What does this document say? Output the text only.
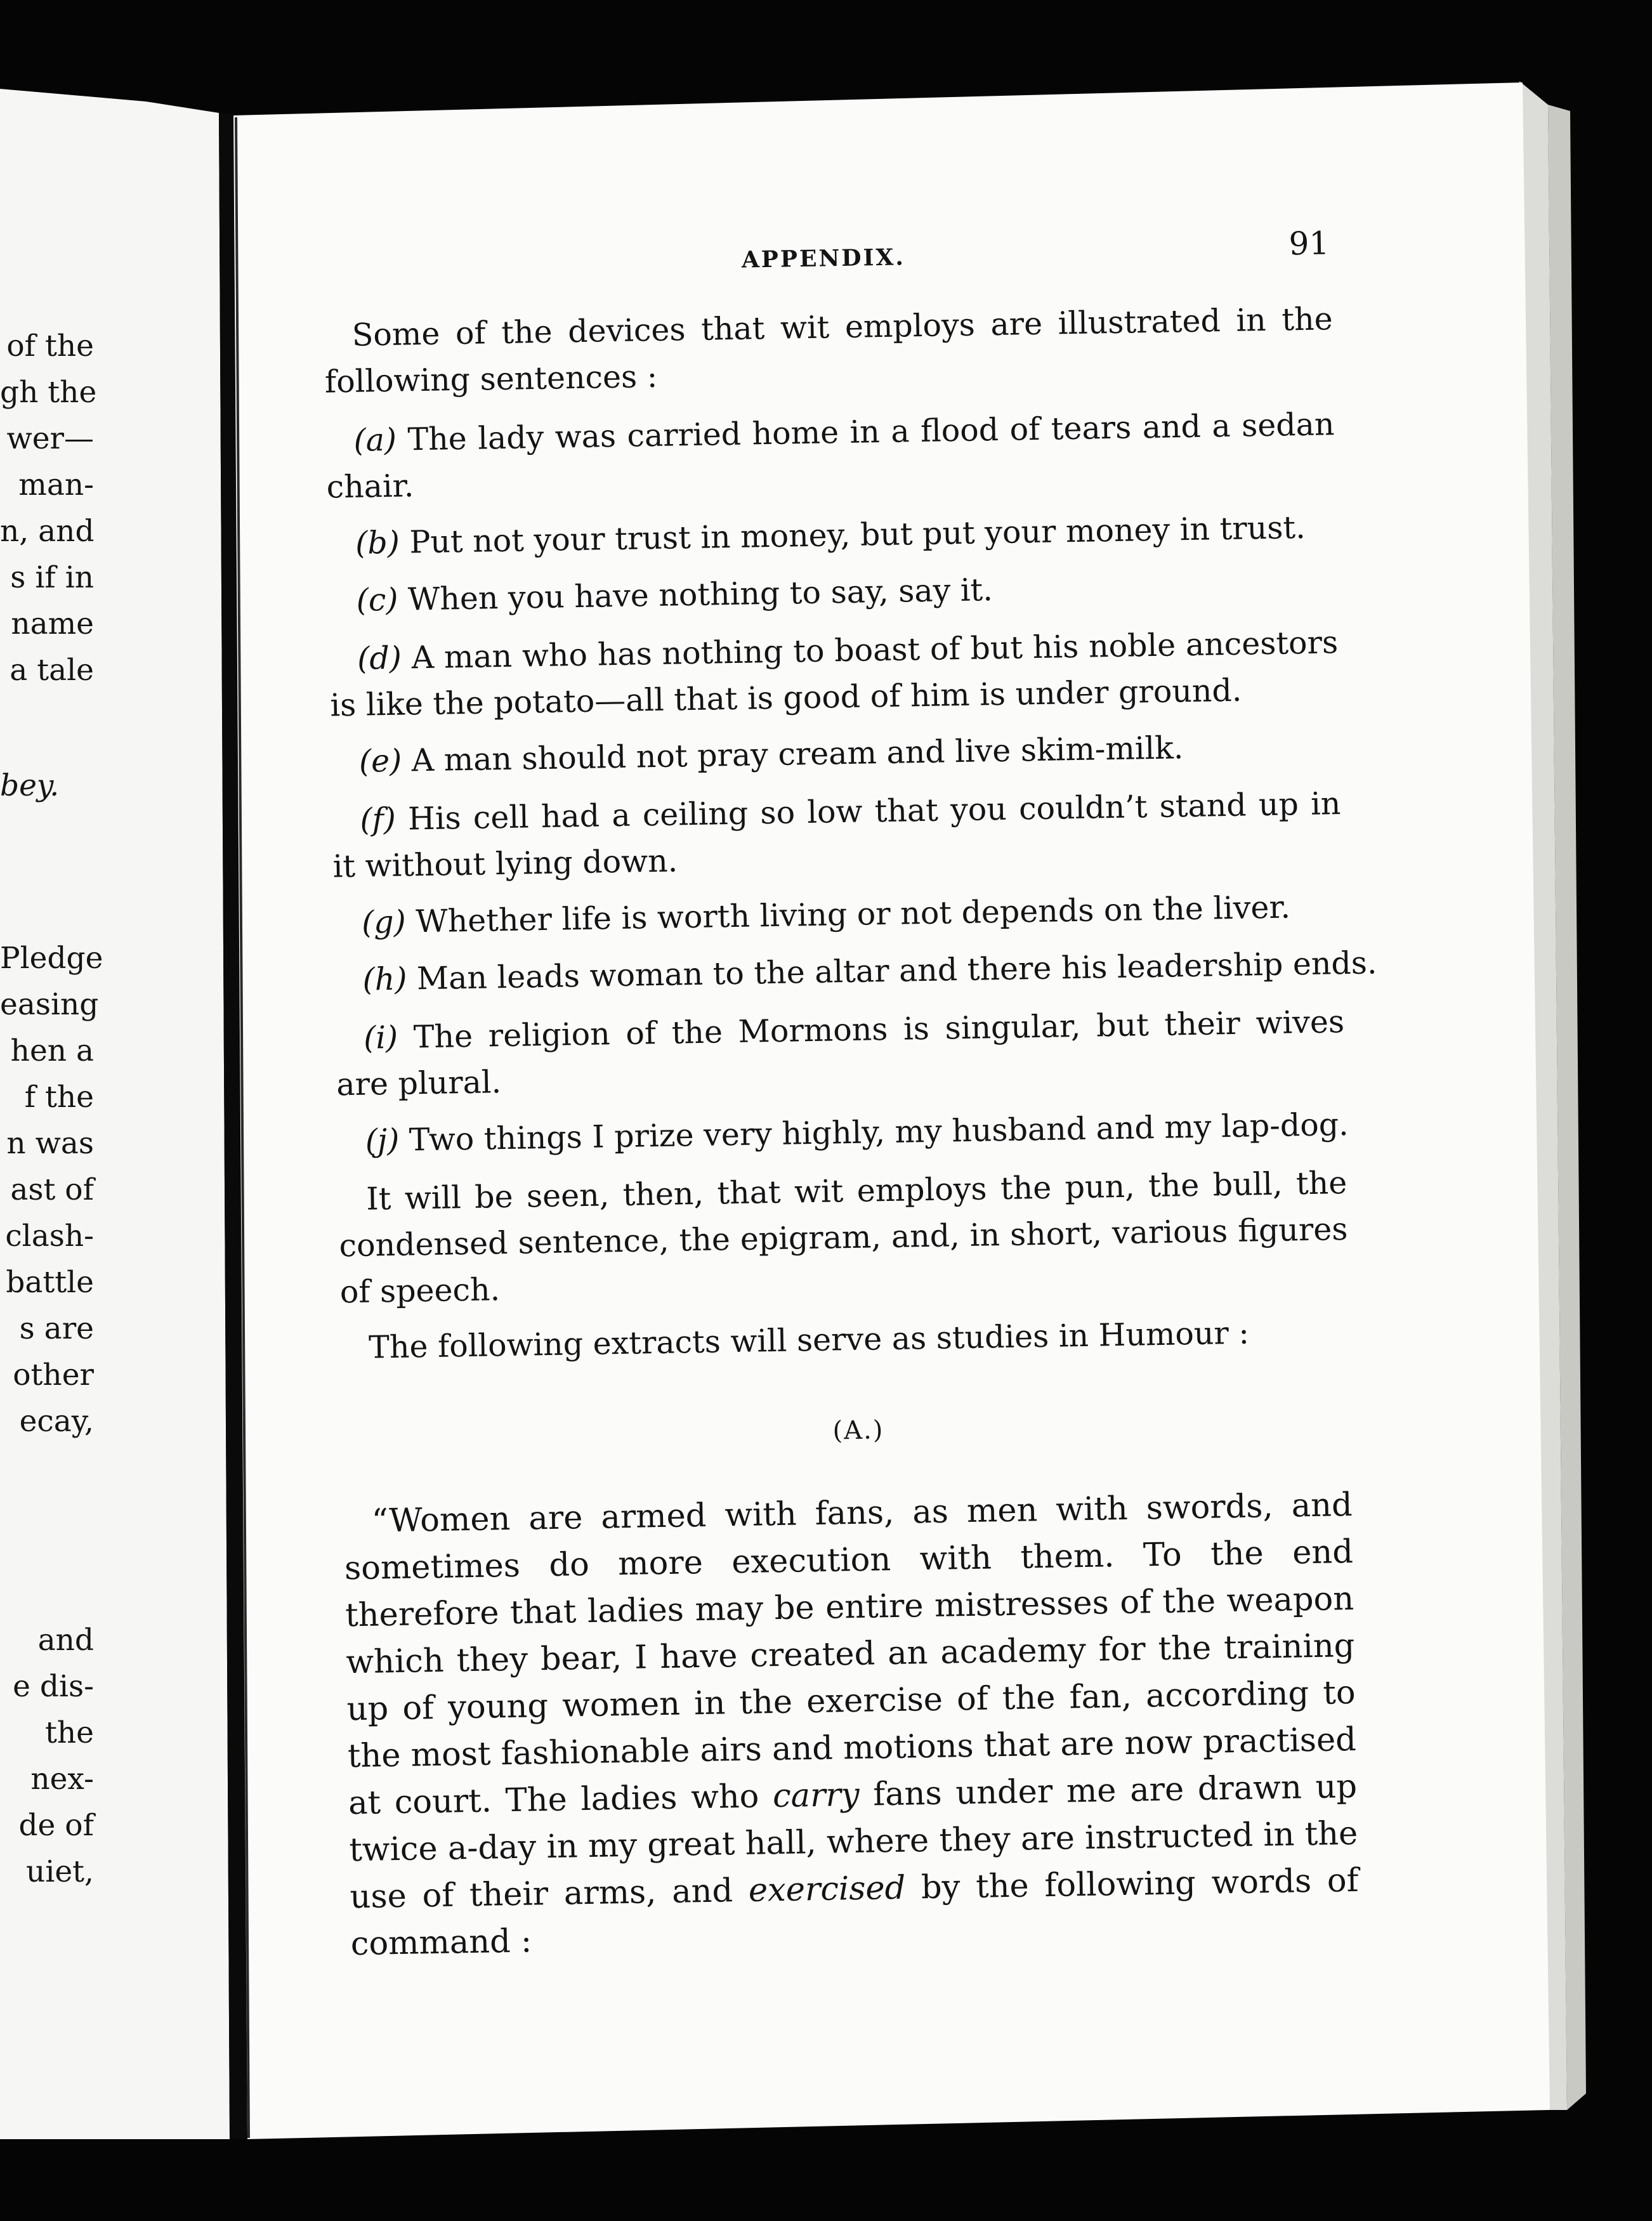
of the
gh the
wer—
man-
n, and
s if in
name
a tale
bey.
Pledge
easing
hen a
f the
n was
ast of
clash-
battle
s are
other
ecay,
and
e dis-
the
nex-
de of
uiet,
APPENDIX.	91
Some of the devices that wit employs are illustrated in the following sentences :
(a) The lady was carried home in a flood of tears and a sedan chair.
(b) Put not your trust in money, but put your money in trust.
(c) When you have nothing to say, say it.
(d) A man who has nothing to boast of but his noble ancestors is like the potato—all that is good of him is under ground.
(e) A man should not pray cream and live skim-milk.
(f) His cell had a ceiling so low that you couldn’t stand up in it without lying down.
(g) Whether life is worth living or not depends on the liver.
(h) Man leads woman to the altar and there his leadership ends.
(i) The religion of the Mormons is singular, but their wives are plural.
(j) Two things I prize very highly, my husband and my lap-dog.
It will be seen, then, that wit employs the pun, the bull, the condensed sentence, the epigram, and, in short, various figures of speech.
The following extracts will serve as studies in Humour :
(A.)
“Women are armed with fans, as men with swords, and sometimes do more execution with them. To the end therefore that ladies may be entire mistresses of the weapon which they bear, I have created an academy for the training up of young women in the exercise of the fan, according to the most fashionable airs and motions that are now practised at court. The ladies who carry fans under me are drawn up twice a-day in my great hall, where they are instructed in the use of their arms, and exercised by the following words of command :
